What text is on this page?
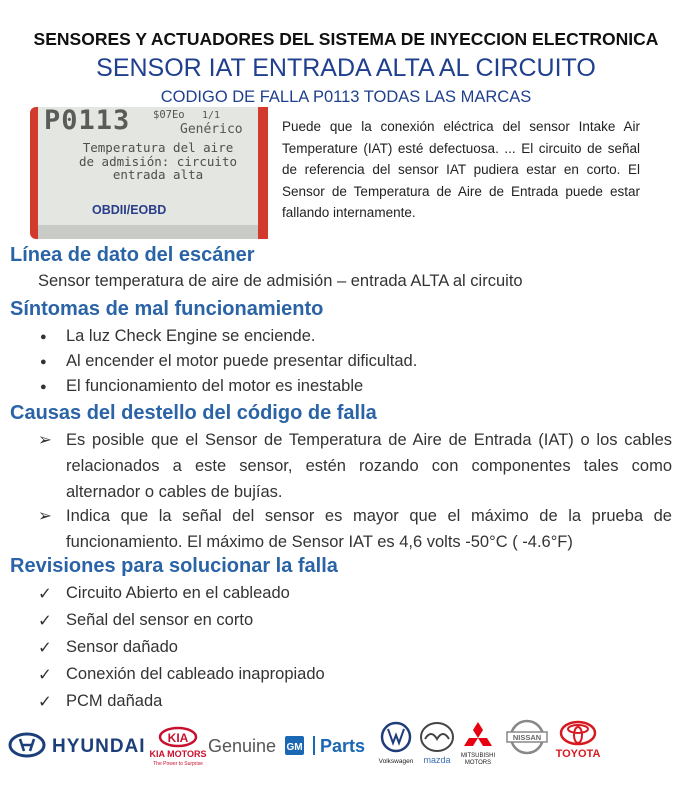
SENSORES Y ACTUADORES DEL SISTEMA DE INYECCION ELECTRONICA
SENSOR IAT ENTRADA ALTA AL CIRCUITO
CODIGO DE FALLA P0113 TODAS LAS MARCAS
P0113 $07Eo 1/1
Genérico
Temperatura del aire
de admisión: circuito
entrada alta
OBDII/EOBD
Puede que la conexión eléctrica del sensor Intake Air Temperature (IAT) esté defectuosa. ... El circuito de señal de referencia del sensor IAT pudiera estar en corto. El Sensor de Temperatura de Aire de Entrada puede estar fallando internamente.
Línea de dato del escáner
Sensor temperatura de aire de admisión – entrada ALTA al circuito
Síntomas de mal funcionamiento
● La luz Check Engine se enciende.
● Al encender el motor puede presentar dificultad.
● El funcionamiento del motor es inestable
Causas del destello del código de falla
➢ Es posible que el Sensor de Temperatura de Aire de Entrada (IAT) o los cables relacionados a este sensor, estén rozando con componentes tales como alternador o cables de bujías.
➢ Indica que la señal del sensor es mayor que el máximo de la prueba de funcionamiento. El máximo de Sensor IAT es 4,6 volts -50°C ( -4.6°F)
Revisiones para solucionar la falla
✓ Circuito Abierto en el cableado
✓ Señal del sensor en corto
✓ Sensor dañado
✓ Conexión del cableado inapropiado
✓ PCM dañada
HYUNDAI KIA
KIA MOTORS
The Power to Surprise
Genuine GM Parts
Volkswagen mazda MITSUBISHI
MOTORS
NISSAN
TOYOTA
